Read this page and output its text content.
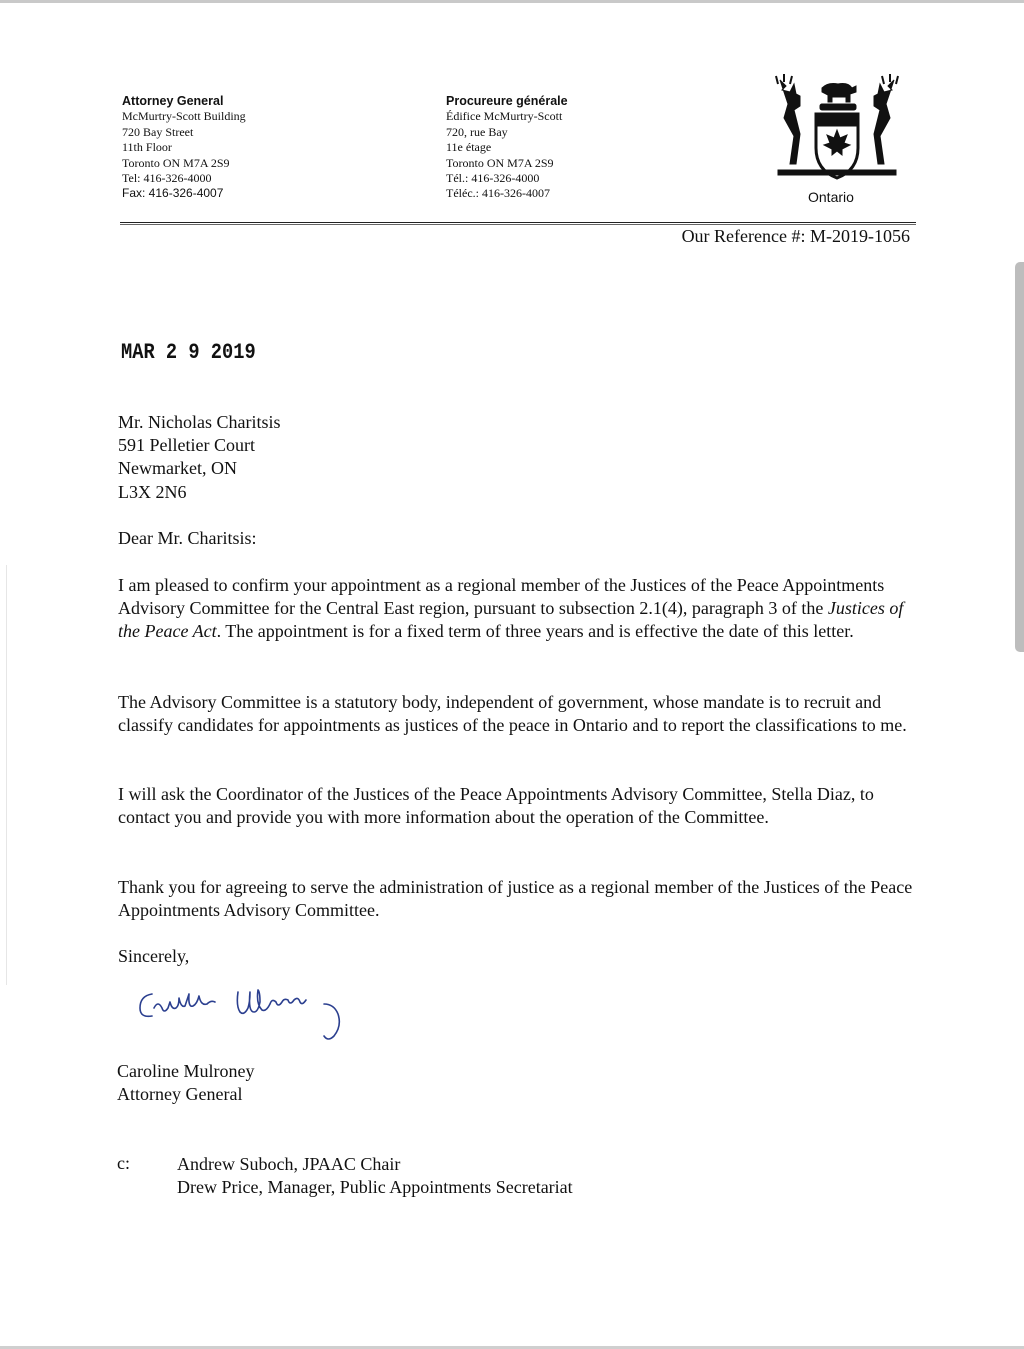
Attorney General
McMurtry-Scott Building
720 Bay Street
11th Floor
Toronto ON M7A 2S9
Tel: 416-326-4000
Fax: 416-326-4007
Procureure générale
Édifice McMurtry-Scott
720, rue Bay
11e étage
Toronto ON M7A 2S9
Tél.: 416-326-4000
Téléc.: 416-326-4007	Ontario
Our Reference #: M-2019-1056
MAR 2 9 2019
Mr. Nicholas Charitsis
591 Pelletier Court
Newmarket, ON
L3X 2N6
Dear Mr. Charitsis:
I am pleased to confirm your appointment as a regional member of the Justices of the Peace Appointments Advisory Committee for the Central East region, pursuant to subsection 2.1(4), paragraph 3 of the Justices of the Peace Act. The appointment is for a fixed term of three years and is effective the date of this letter.
The Advisory Committee is a statutory body, independent of government, whose mandate is to recruit and classify candidates for appointments as justices of the peace in Ontario and to report the classifications to me.
I will ask the Coordinator of the Justices of the Peace Appointments Advisory Committee, Stella Diaz, to contact you and provide you with more information about the operation of the Committee.
Thank you for agreeing to serve the administration of justice as a regional member of the Justices of the Peace Appointments Advisory Committee.
Sincerely,
Caroline Mulroney
Attorney General
c:	Andrew Suboch, JPAAC Chair
Drew Price, Manager, Public Appointments Secretariat
